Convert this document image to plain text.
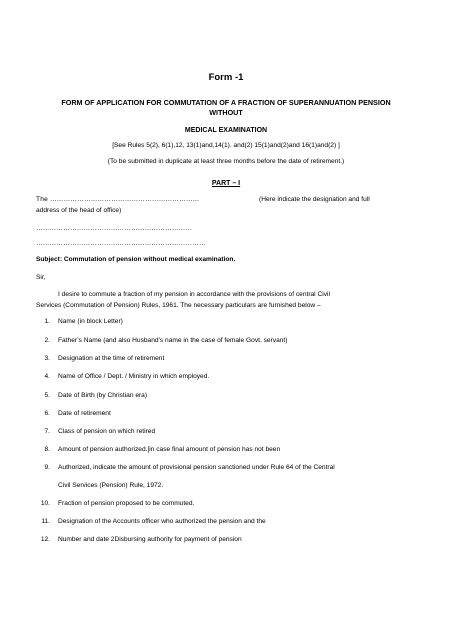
Form -1
FORM OF APPLICATION FOR COMMUTATION OF A FRACTION OF SUPERANNUATION PENSION
WITHOUT
MEDICAL EXAMINATION
[See Rules 5(2), 6(1),12, 13(1)and,14(1). and(2) 15(1)and(2)and 16(1)and(2) ]
(To be submitted in duplicate at least three months before the date of retirement.)
PART – I
The …………………………………………………………	(Here indicate the designation and full
address of the head of office)
……………………………………………………………
…………………………………………………………………
Subject: Commutation of pension without medical examination.
Sir,
I desire to commute a fraction of my pension in accordance with the provisions of central Civil
Services (Commutation of Pension) Rules, 1961. The necessary particulars are furnished below –
1. Name (in block Letter)
2. Father’s Name (and also Husband’s name in the case of female Govt. servant)
3. Designation at the time of retirement
4. Name of Office / Dept. / Ministry in which employed.
5. Date of Birth (by Christian era)
6. Date of retirement
7. Class of pension on which retired
8. Amount of pension authorized.[in case final amount of pension has not been
9. Authorized, indicate the amount of provisional pension sanctioned under Rule 64 of the Central
Civil Services (Pension) Rule, 1972.
10. Fraction of pension proposed to be commuted.
11. Designation of the Accounts officer who authorized the pension and the
12. Number and date 2Disbursing authority for payment of pension
